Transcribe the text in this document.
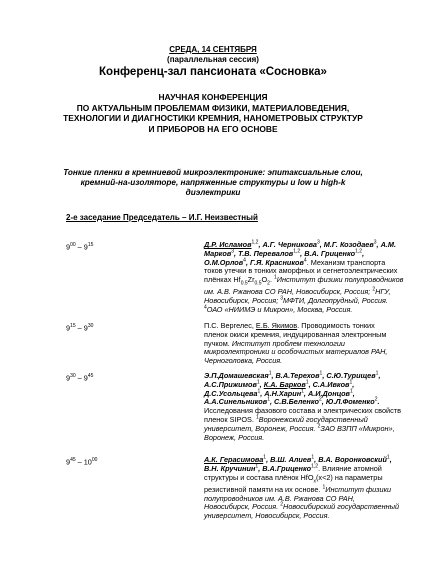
СРЕДА, 14 СЕНТЯБРЯ
(параллельная сессия)
Конференц-зал пансионата «Сосновка»
НАУЧНАЯ КОНФЕРЕНЦИЯ
ПО АКТУАЛЬНЫМ ПРОБЛЕМАМ ФИЗИКИ, МАТЕРИАЛОВЕДЕНИЯ,
ТЕХНОЛОГИИ И ДИАГНОСТИКИ КРЕМНИЯ, НАНОМЕТРОВЫХ СТРУКТУР
И ПРИБОРОВ НА ЕГО ОСНОВЕ
Тонкие пленки в кремниевой микроэлектронике: эпитаксиальные слои,
кремний-на-изоляторе, напряженные структуры и low и high-k
диэлектрики
2-е заседание Председатель – И.Г. Неизвестный
$9^{00} - 9^{15}$	Д.Р. Исламов$^{1,2}$, А.Г. Черникова$^3$, М.Г. Козодаев$^3$, А.М.
Марков$^3$, Т.В. Перевалов$^{1,2}$, В.А. Гриценко$^{1,2}$,
О.М.Орлов$^4$, Г.Я. Красников$^4$. Механизм транспорта
токов утечки в тонких аморфных и сегнетоэлектрических
плёнках $Hf_{0.5}Zr_{0.5}O_2$. $^1$Институт физики полупроводников
им. А.В. Ржанова СО РАН, Новосибирск, Россия; $^2$НГУ,
Новосибирск, Россия; $^3$МФТИ, Долгопрудный, Россия.
$^4$ОАО «НИИМЭ и Микрон», Москва, Россия.
$9^{15} - 9^{30}$	П.С. Вергелес, Е.Б. Якимов. Проводимость тонких
пленок окиси кремния, индуцированная электронным
пучком. Институт проблем технологии
микроэлектроники и особочистых материалов РАН,
Черноголовка, Россия.
$9^{30} - 9^{45}$	Э.П.Домашевская$^1$, В.А.Терехов$^1$, С.Ю.Турищев$^1$,
А.С.Прижимов$^1$, К.А. Барков$^1$, С.А.Ивков$^1$,
Д.С.Усольцева$^1$, А.Н.Харин$^1$, А.И.Донцов$^1$,
А.А.Синельников$^1$, С.В.Беленко$^2$, Ю.Л.Фоменко$^2$.
Исследования фазового состава и электрических свойств
пленок SIPOS. $^1$Воронежский государственный
университет, Воронеж, Россия. $^2$ЗАО ВЗПП «Микрон»,
Воронеж, Россия.
$9^{45} - 10^{00}$	А.К. Герасимова$^1$, В.Ш. Алиев$^1$, В.А. Воронковский$^1$,
В.Н. Кручинин$^1$, В.А.Гриценко$^{1,2}$. Влияние атомной
структуры и состава плёнок HfO$_x$(x<2) на параметры
резистивной памяти на их основе. $^1$Институт физики
полупроводников им. А.В. Ржанова СО РАН,
Новосибирск, Россия. $^2$Новосибирский государственный
университет, Новосибирск, Россия.
